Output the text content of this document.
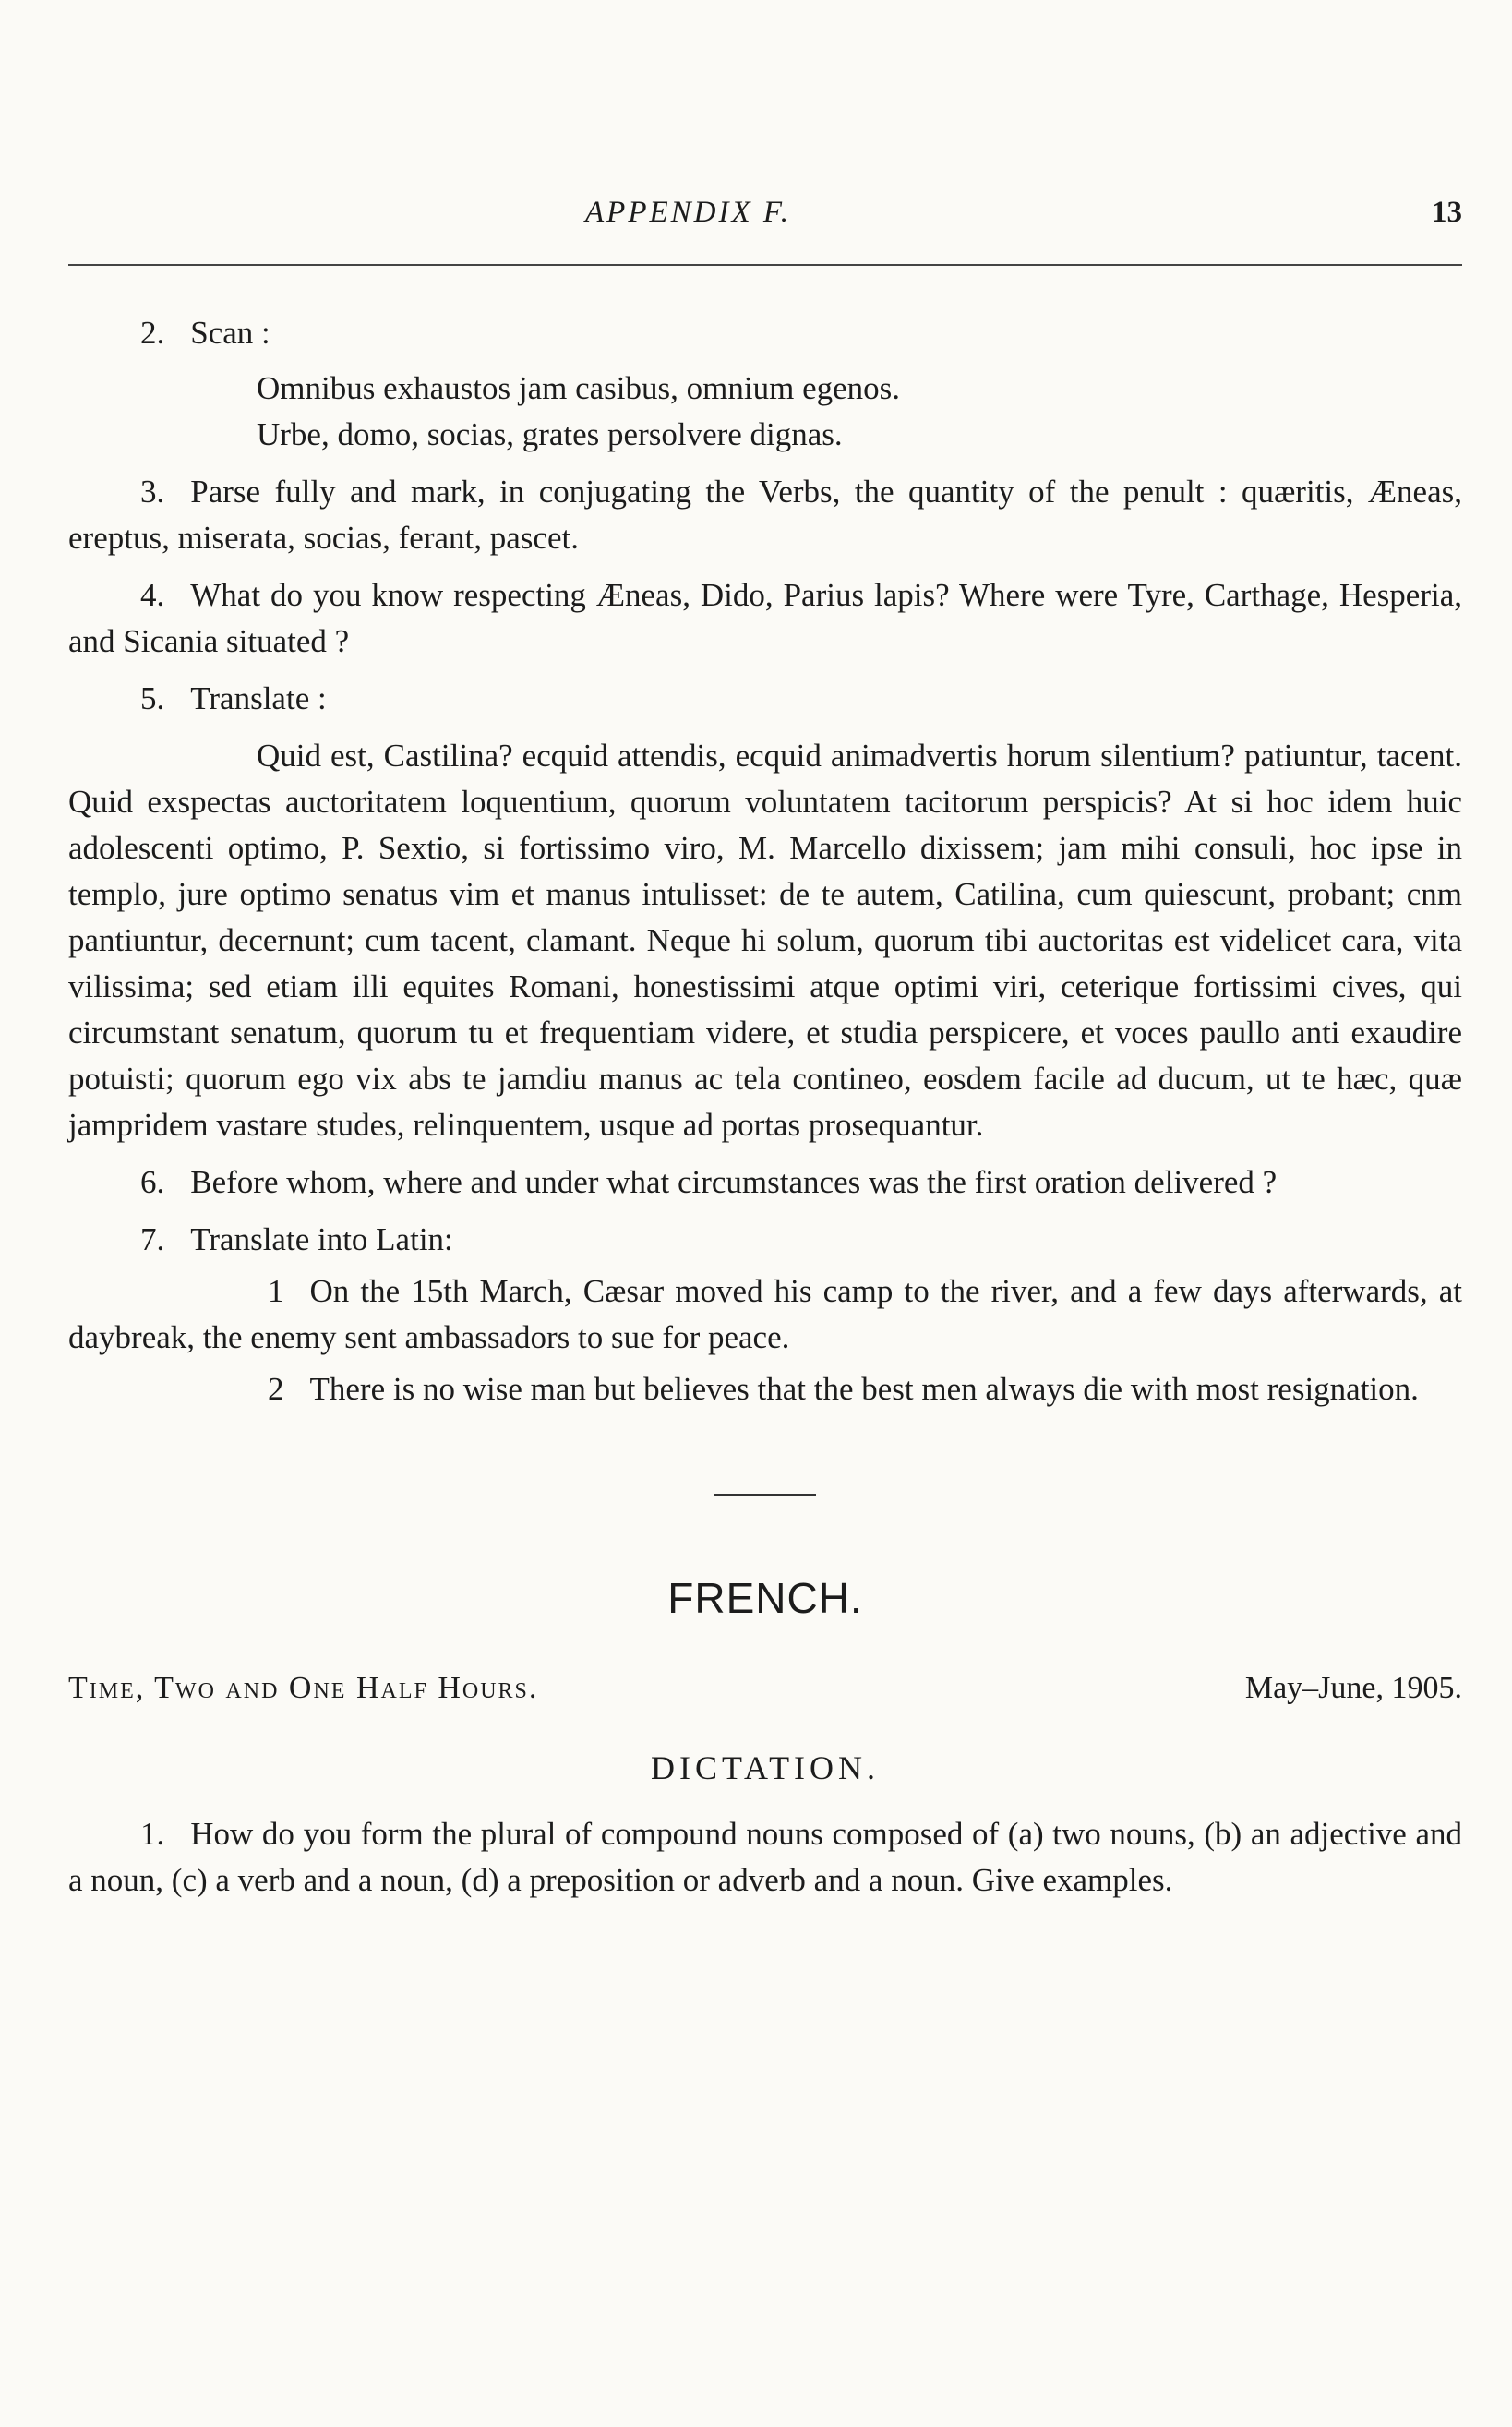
APPENDIX F.	13

2. Scan :

Omnibus exhaustos jam casibus, omnium egenos.

Urbe, domo, socias, grates persolvere dignas.

3. Parse fully and mark, in conjugating the Verbs, the quantity of the penult : quæritis, Æneas, ereptus, miserata, socias, ferant, pascet.

4. What do you know respecting Æneas, Dido, Parius lapis? Where were Tyre, Carthage, Hesperia, and Sicania situated ?

5. Translate :

Quid est, Castilina? ecquid attendis, ecquid animadvertis horum silentium? patiuntur, tacent. Quid exspectas auctoritatem loquentium, quorum voluntatem tacitorum perspicis? At si hoc idem huic adolescenti optimo, P. Sextio, si fortissimo viro, M. Marcello dixissem; jam mihi consuli, hoc ipse in templo, jure optimo senatus vim et manus intulisset: de te autem, Catilina, cum quiescunt, probant; cnm pantiuntur, decernunt; cum tacent, clamant. Neque hi solum, quorum tibi auctoritas est videlicet cara, vita vilissima; sed etiam illi equites Romani, honestissimi atque optimi viri, ceterique fortissimi cives, qui circumstant senatum, quorum tu et frequentiam videre, et studia perspicere, et voces paullo anti exaudire potuisti; quorum ego vix abs te jamdiu manus ac tela contineo, eosdem facile ad ducum, ut te hæc, quæ jampridem vastare studes, relinquentem, usque ad portas prosequantur.

6. Before whom, where and under what circumstances was the first oration delivered ?

7. Translate into Latin:

1 On the 15th March, Cæsar moved his camp to the river, and a few days afterwards, at daybreak, the enemy sent ambassadors to sue for peace.

2 There is no wise man but believes that the best men always die with most resignation.

FRENCH.
Time, Two and One Half Hours.	May–June, 1905.
DICTATION.

1. How do you form the plural of compound nouns composed of (a) two nouns, (b) an adjective and a noun, (c) a verb and a noun, (d) a preposition or adverb and a noun. Give examples.
